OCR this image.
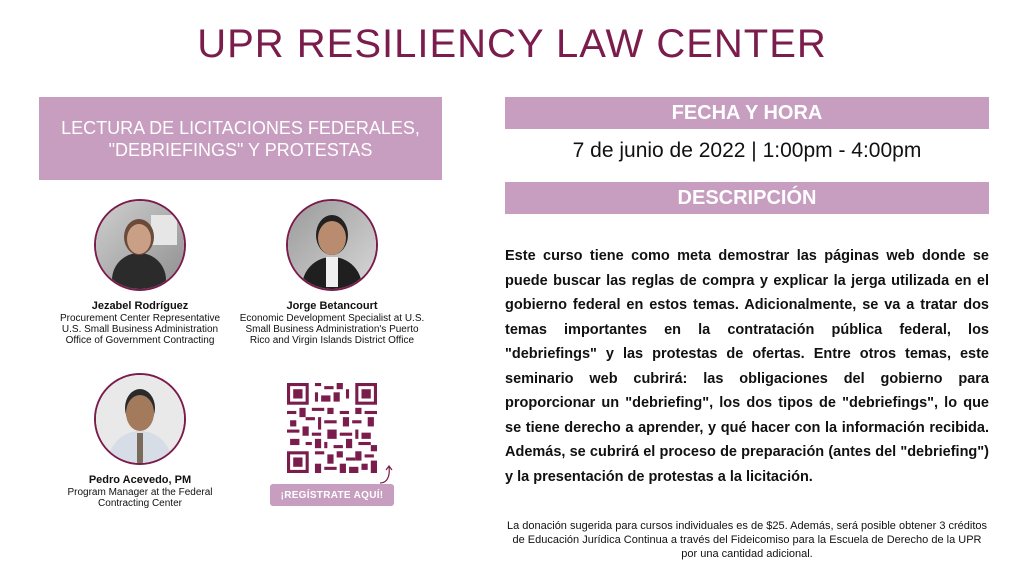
UPR RESILIENCY LAW CENTER
LECTURA DE LICITACIONES FEDERALES,
"DEBRIEFINGS" Y PROTESTAS
Jezabel Rodríguez
Procurement Center Representative
U.S. Small Business Administration
Office of Government Contracting
Jorge Betancourt
Economic Development Specialist at U.S.
Small Business Administration's Puerto
Rico and Virgin Islands District Office
Pedro Acevedo, PM
Program Manager at the Federal
Contracting Center
¡REGÍSTRATE AQUÍ!
FECHA Y HORA
7 de junio de 2022 | 1:00pm - 4:00pm
DESCRIPCIÓN
Este curso tiene como meta demostrar las páginas web donde se puede buscar las reglas de compra y explicar la jerga utilizada en el gobierno federal en estos temas. Adicionalmente, se va a tratar dos temas importantes en la contratación pública federal, los "debriefings" y las protestas de ofertas. Entre otros temas, este seminario web cubrirá: las obligaciones del gobierno para proporcionar un "debriefing", los dos tipos de "debriefings", lo que se tiene derecho a aprender, y qué hacer con la información recibida. Además, se cubrirá el proceso de preparación (antes del "debriefing") y la presentación de protestas a la licitación.
La donación sugerida para cursos individuales es de $25. Además, será posible obtener 3 créditos de Educación Jurídica Continua a través del Fideicomiso para la Escuela de Derecho de la UPR por una cantidad adicional.
